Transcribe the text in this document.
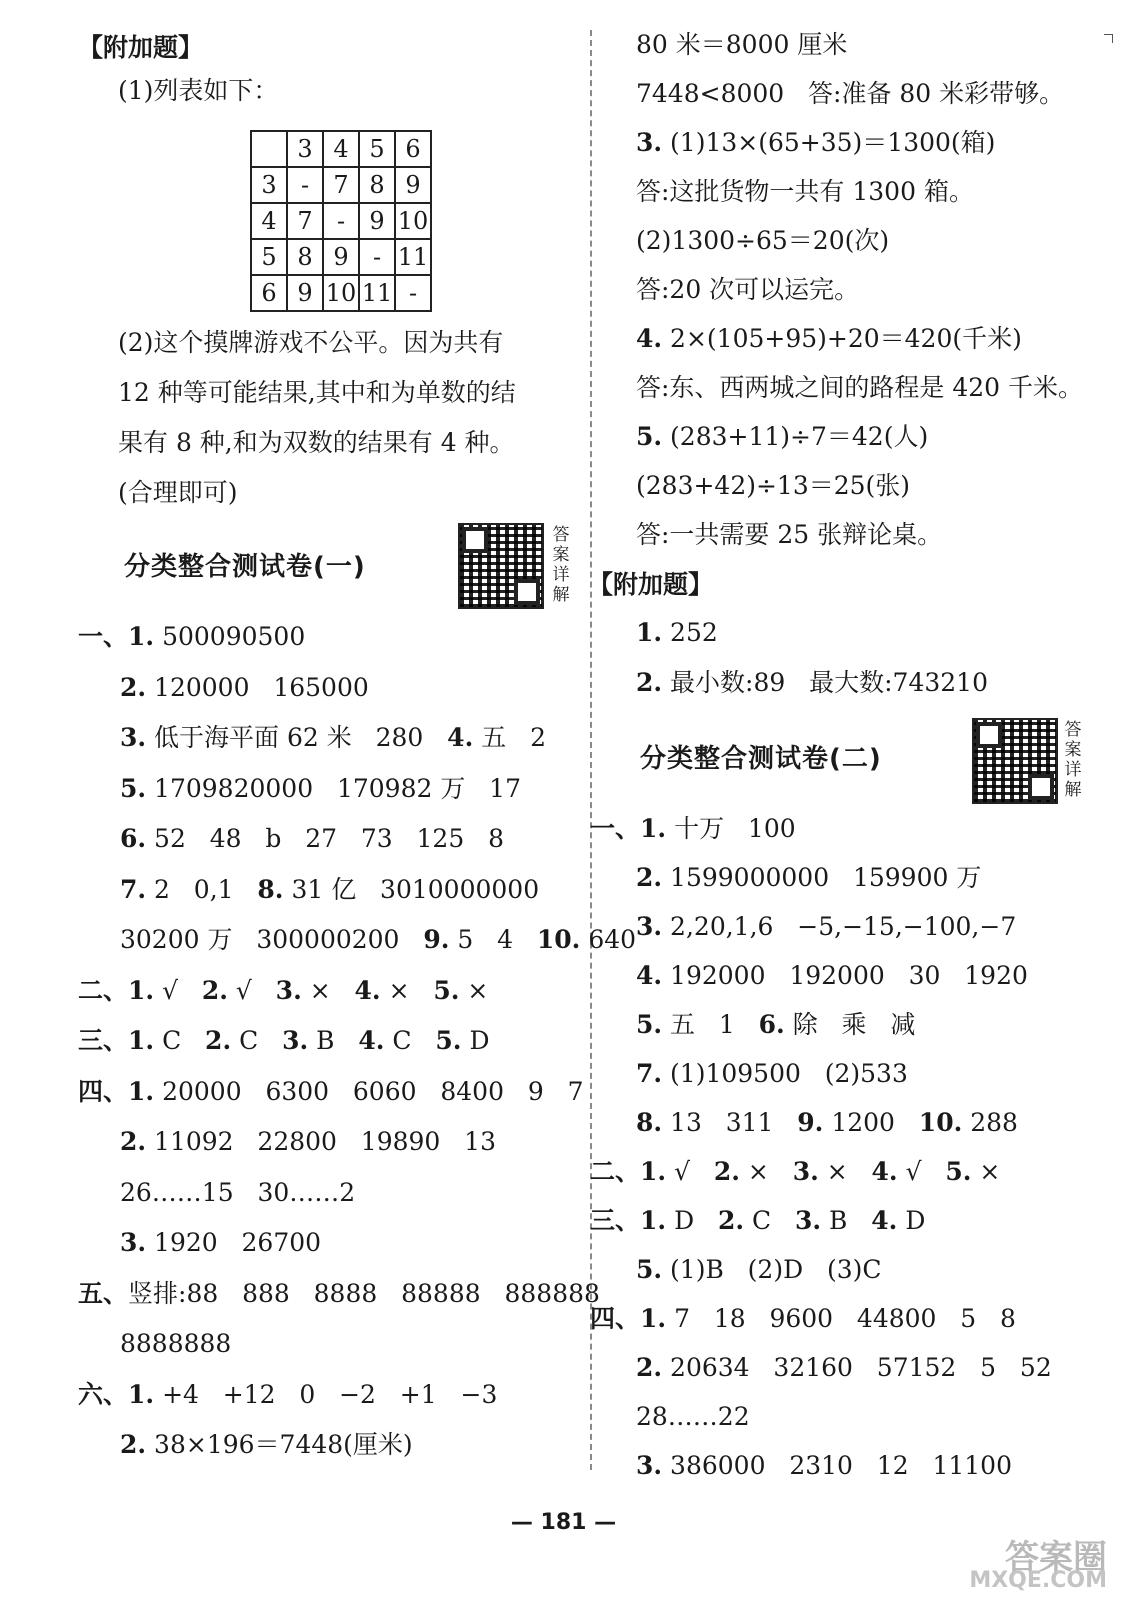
【附加题】
(1)列表如下：
	3	4	5	6
3	-	7	8	9
4	7	-	9	10
5	8	9	-	11
6	9	10	11	-
(2)这个摸牌游戏不公平。因为共有
12 种等可能结果,其中和为单数的结
果有 8 种,和为双数的结果有 4 种。
(合理即可)
分类整合测试卷(一)
答案详解
一、1. 500090500
2. 120000   165000
3. 低于海平面 62 米   280   4. 五   2
5. 1709820000   170982 万   17
6. 52   48   b   27   73   125   8
7. 2   0,1   8. 31 亿   3010000000
30200 万   300000200   9. 5   4   10. 640
二、1. √   2. √   3. ×   4. ×   5. ×
三、1. C   2. C   3. B   4. C   5. D
四、1. 20000   6300   6060   8400   9   7
2. 11092   22800   19890   13
26……15   30……2
3. 1920   26700
五、竖排:88   888   8888   88888   888888
8888888
六、1. +4   +12   0   −2   +1   −3
2. 38×196＝7448(厘米)
80 米＝8000 厘米
7448<8000   答:准备 80 米彩带够。
3. (1)13×(65+35)＝1300(箱)
答:这批货物一共有 1300 箱。
(2)1300÷65＝20(次)
答:20 次可以运完。
4. 2×(105+95)+20＝420(千米)
答:东、西两城之间的路程是 420 千米。
5. (283+11)÷7＝42(人)
(283+42)÷13＝25(张)
答:一共需要 25 张辩论桌。
【附加题】
1. 252
2. 最小数:89   最大数:743210
分类整合测试卷(二)
答案详解
一、1. 十万   100
2. 1599000000   159900 万
3. 2,20,1,6   −5,−15,−100,−7
4. 192000   192000   30   1920
5. 五   1   6. 除   乘   减
7. (1)109500   (2)533
8. 13   311   9. 1200   10. 288
二、1. √   2. ×   3. ×   4. √   5. ×
三、1. D   2. C   3. B   4. D
5. (1)B   (2)D   (3)C
四、1. 7   18   9600   44800   5   8
2. 20634   32160   57152   5   52
28……22
3. 386000   2310   12   11100
— 181 —
答案圈
MXQE.COM
